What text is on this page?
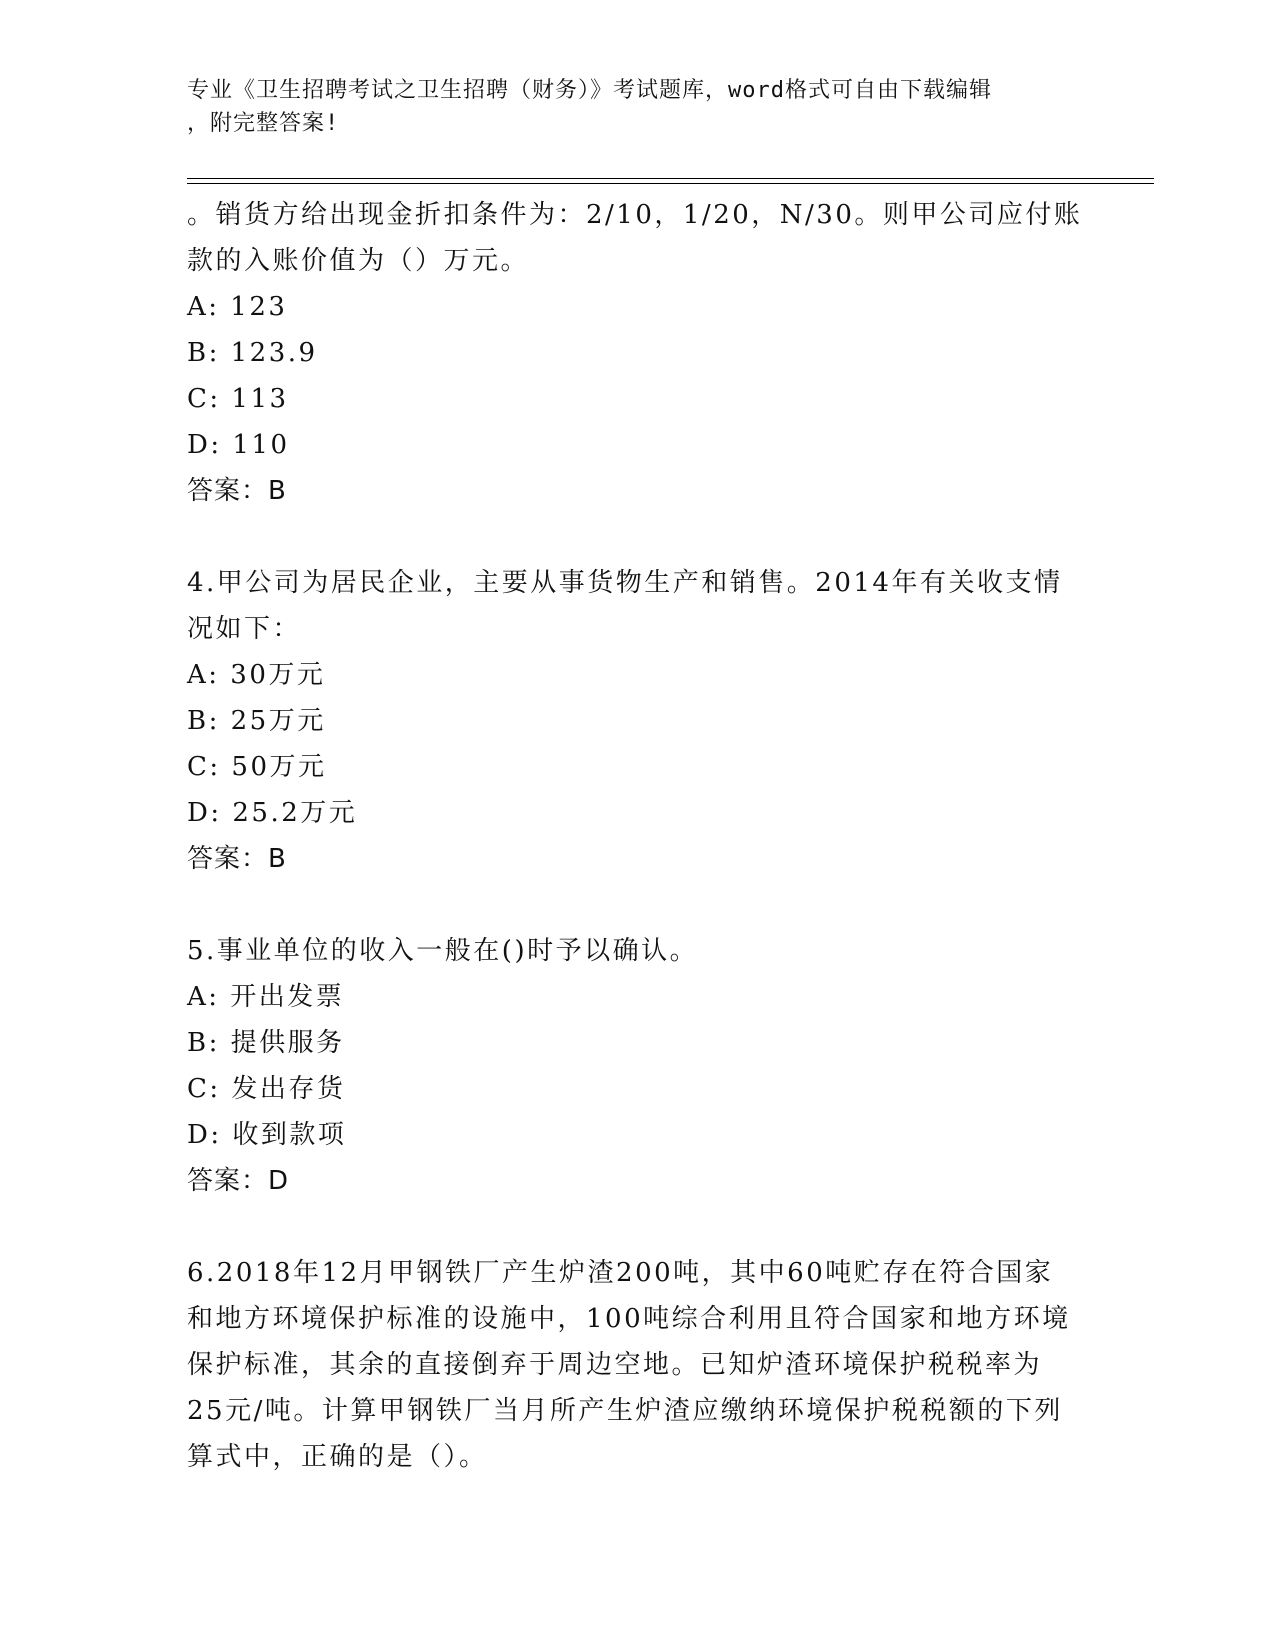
专业《卫生招聘考试之卫生招聘（财务）》考试题库，word格式可自由下载编辑
，附完整答案!
。销货方给出现金折扣条件为：2/10，1/20，N/30。则甲公司应付账
款的入账价值为（）万元。
A: 123
B: 123.9
C: 113
D: 110
答案：B
4.甲公司为居民企业，主要从事货物生产和销售。2014年有关收支情
况如下：
A: 30万元
B: 25万元
C: 50万元
D: 25.2万元
答案：B
5.事业单位的收入一般在()时予以确认。
A: 开出发票
B: 提供服务
C: 发出存货
D: 收到款项
答案：D
6.2018年12月甲钢铁厂产生炉渣200吨，其中60吨贮存在符合国家
和地方环境保护标准的设施中，100吨综合利用且符合国家和地方环境
保护标准，其余的直接倒弃于周边空地。已知炉渣环境保护税税率为
25元/吨。计算甲钢铁厂当月所产生炉渣应缴纳环境保护税税额的下列
算式中，正确的是（）。
